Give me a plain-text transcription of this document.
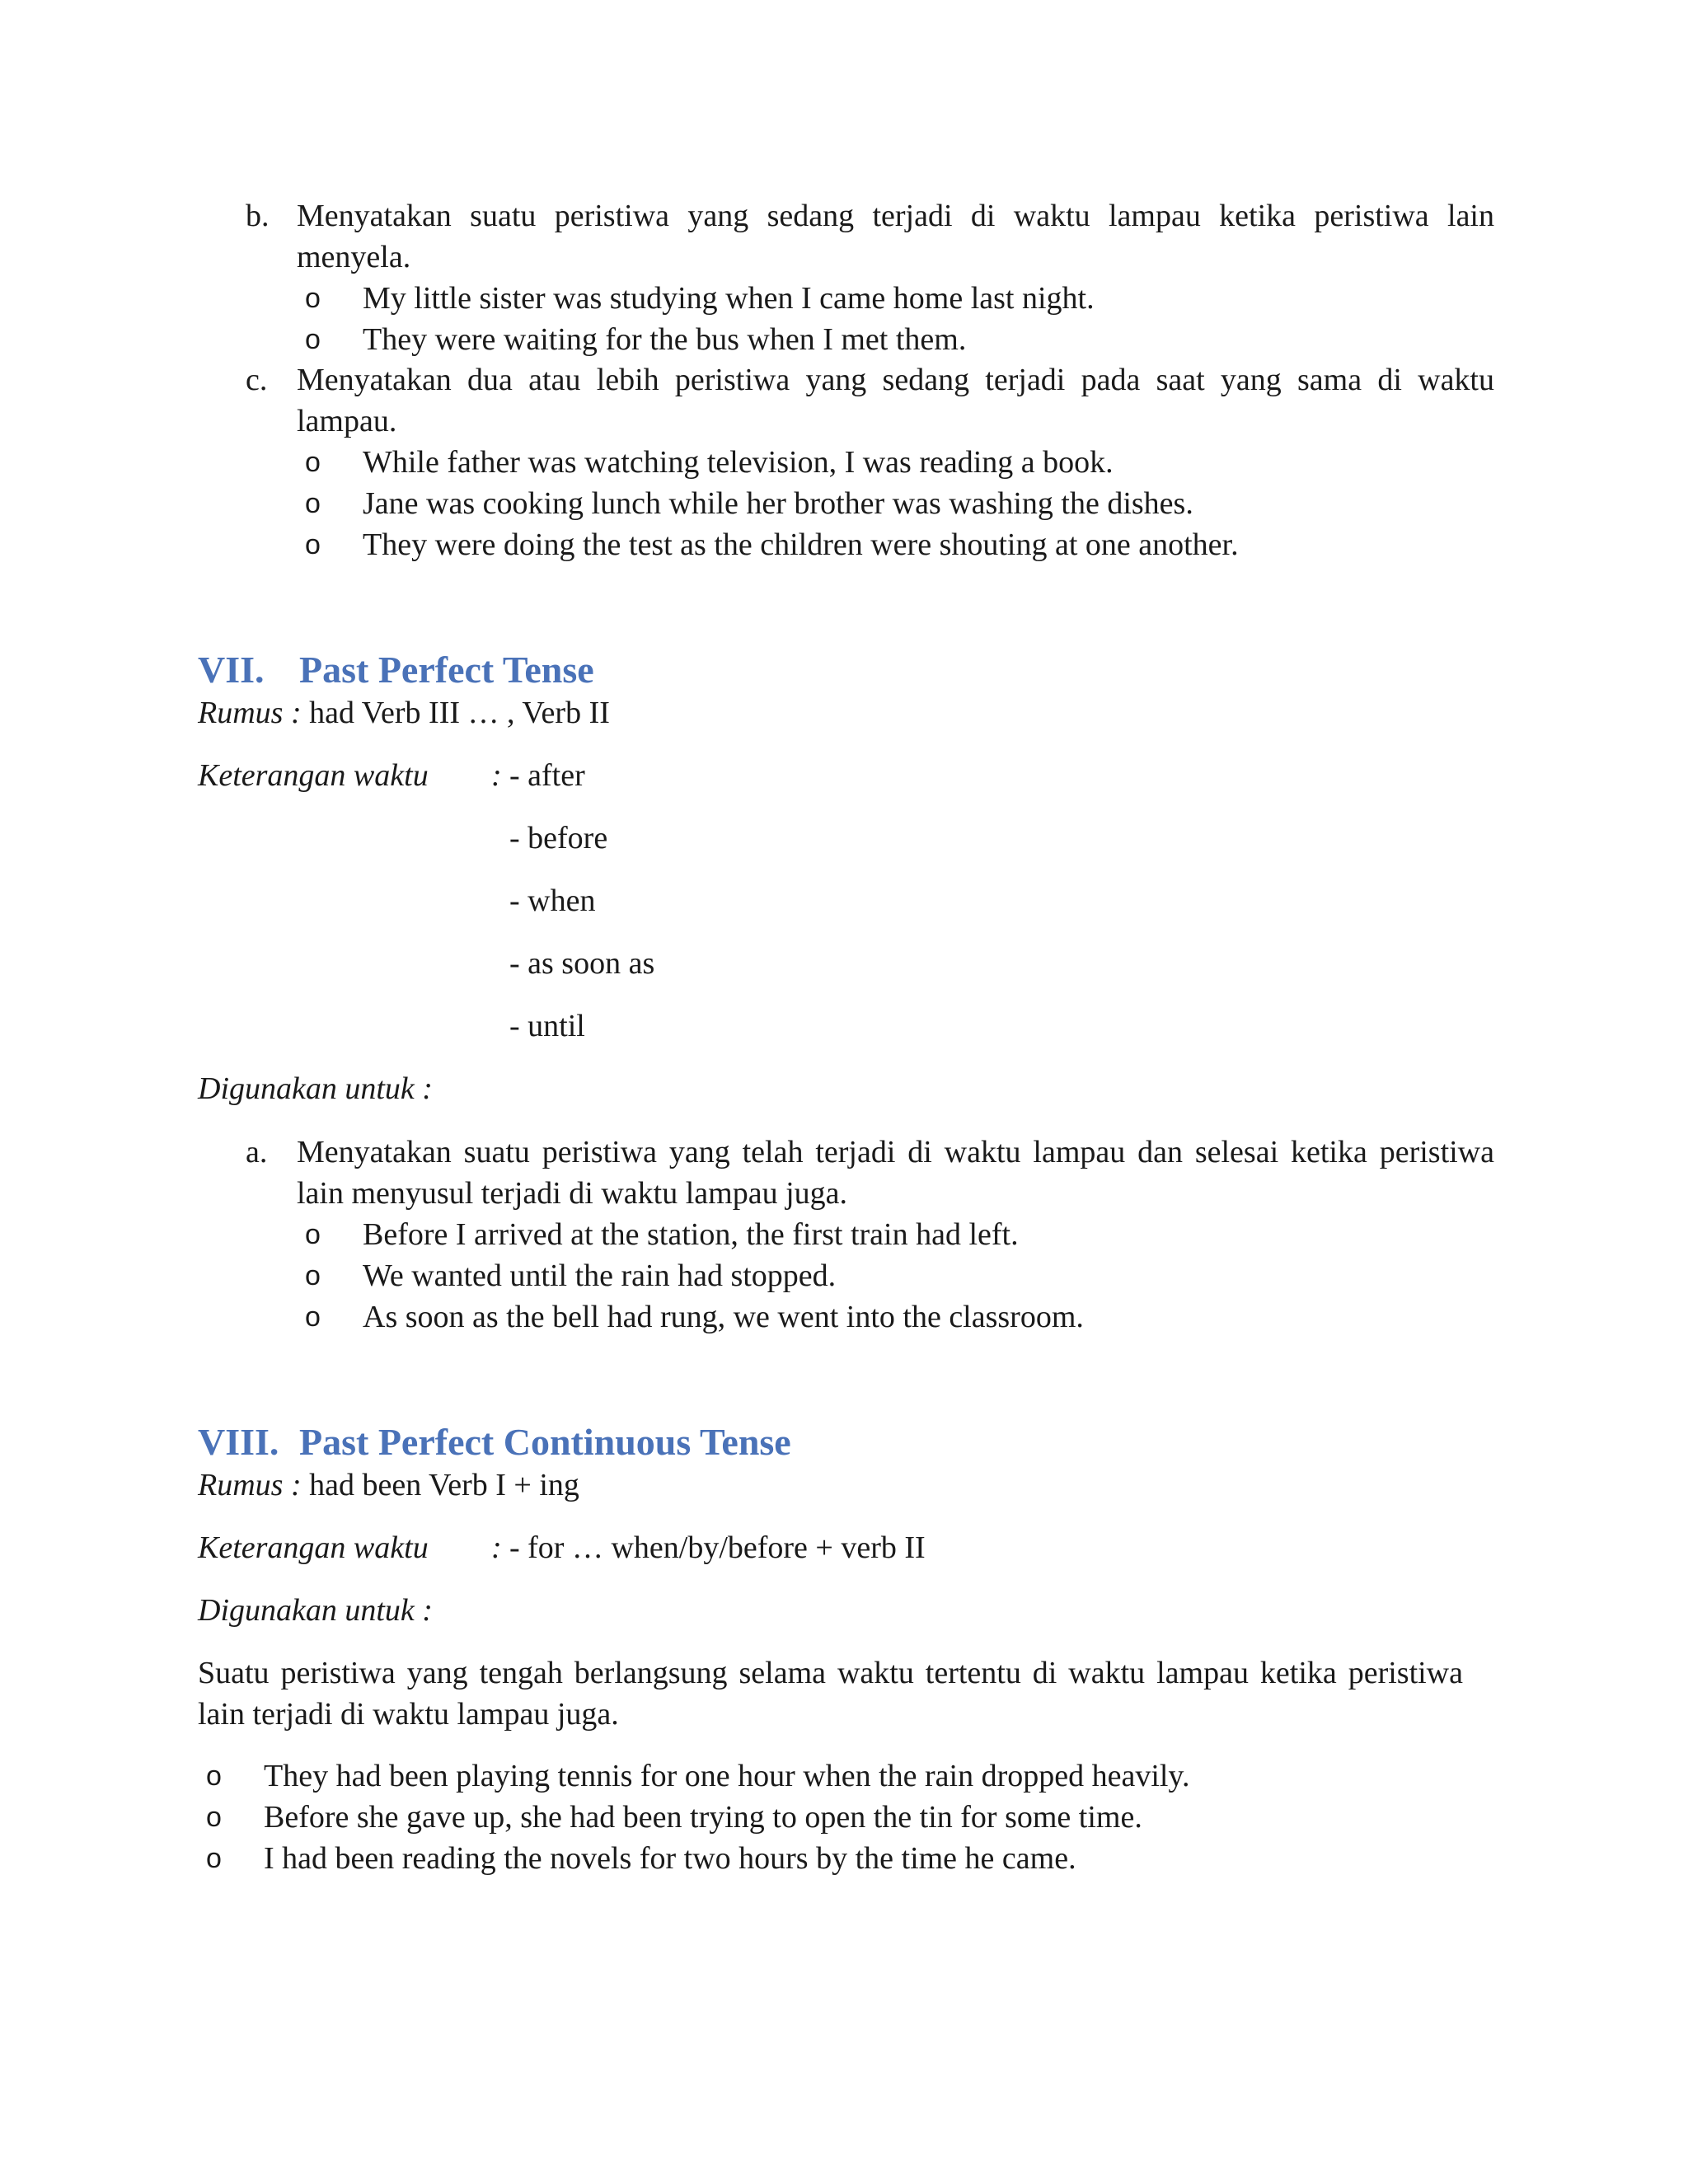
b. Menyatakan suatu peristiwa yang sedang terjadi di waktu lampau ketika peristiwa lain menyela.
o My little sister was studying when I came home last night.
o They were waiting for the bus when I met them.
c. Menyatakan dua atau lebih peristiwa yang sedang terjadi pada saat yang sama di waktu lampau.
o While father was watching television, I was reading a book.
o Jane was cooking lunch while her brother was washing the dishes.
o They were doing the test as the children were shouting at one another.
VII. Past Perfect Tense
Rumus : had Verb III … , Verb II
Keterangan waktu : - after
- before
- when
- as soon as
- until
Digunakan untuk :
a. Menyatakan suatu peristiwa yang telah terjadi di waktu lampau dan selesai ketika peristiwa lain menyusul terjadi di waktu lampau juga.
o Before I arrived at the station, the first train had left.
o We wanted until the rain had stopped.
o As soon as the bell had rung, we went into the classroom.
VIII. Past Perfect Continuous Tense
Rumus : had been Verb I + ing
Keterangan waktu : - for … when/by/before + verb II
Digunakan untuk :
Suatu peristiwa yang tengah berlangsung selama waktu tertentu di waktu lampau ketika peristiwa lain terjadi di waktu lampau juga.
o They had been playing tennis for one hour when the rain dropped heavily.
o Before she gave up, she had been trying to open the tin for some time.
o I had been reading the novels for two hours by the time he came.
